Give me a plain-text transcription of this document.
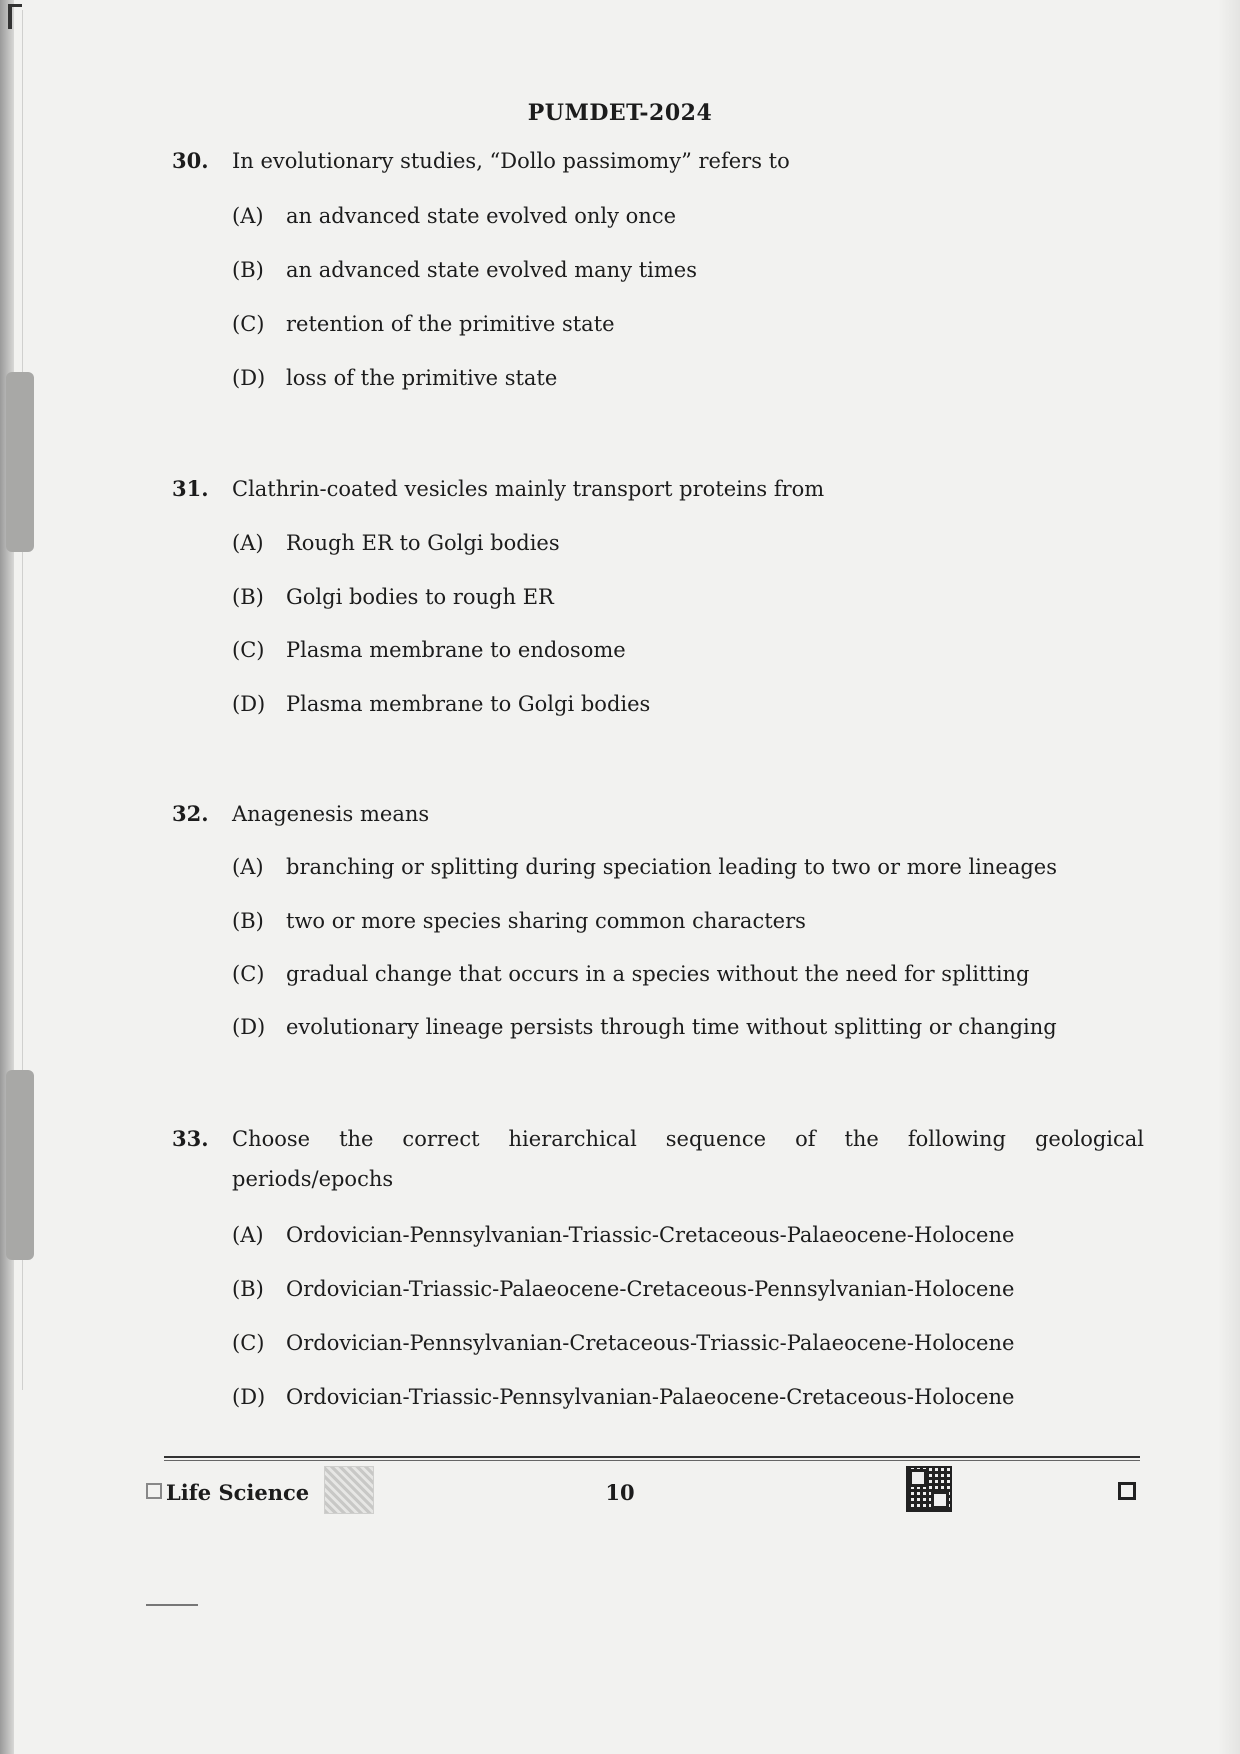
PUMDET-2024
30. In evolutionary studies, “Dollo passimomy” refers to
(A) an advanced state evolved only once
(B) an advanced state evolved many times
(C) retention of the primitive state
(D) loss of the primitive state
31. Clathrin-coated vesicles mainly transport proteins from
(A) Rough ER to Golgi bodies
(B) Golgi bodies to rough ER
(C) Plasma membrane to endosome
(D) Plasma membrane to Golgi bodies
32. Anagenesis means
(A) branching or splitting during speciation leading to two or more lineages
(B) two or more species sharing common characters
(C) gradual change that occurs in a species without the need for splitting
(D) evolutionary lineage persists through time without splitting or changing
33. Choose the correct hierarchical sequence of the following geological
periods/epochs
(A) Ordovician-Pennsylvanian-Triassic-Cretaceous-Palaeocene-Holocene
(B) Ordovician-Triassic-Palaeocene-Cretaceous-Pennsylvanian-Holocene
(C) Ordovician-Pennsylvanian-Cretaceous-Triassic-Palaeocene-Holocene
(D) Ordovician-Triassic-Pennsylvanian-Palaeocene-Cretaceous-Holocene
Life Science	10
